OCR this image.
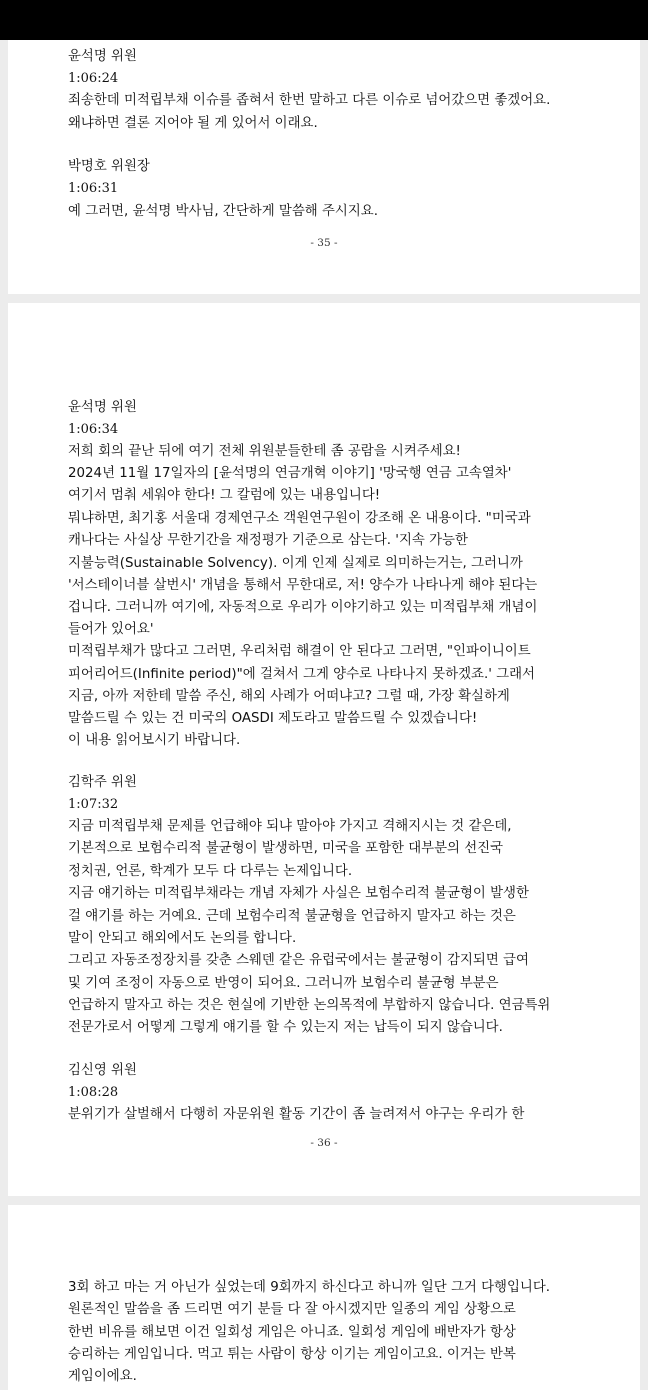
윤석명 위원
1:06:24
죄송한데 미적립부채 이슈를 좁혀서 한번 말하고 다른 이슈로 넘어갔으면 좋겠어요.
왜냐하면 결론 지어야 될 게 있어서 이래요.
박명호 위원장
1:06:31
예 그러면, 윤석명 박사님, 간단하게 말씀해 주시지요.
- 35 -
윤석명 위원
1:06:34
저희 회의 끝난 뒤에 여기 전체 위원분들한테 좀 공람을 시켜주세요!
2024년 11월 17일자의 [윤석명의 연금개혁 이야기] '망국행 연금 고속열차'
여기서 멈춰 세워야 한다! 그 칼럼에 있는 내용입니다!
뭐냐하면, 최기홍 서울대 경제연구소 객원연구원이 강조해 온 내용이다. "미국과
캐나다는 사실상 무한기간을 재정평가 기준으로 삼는다. '지속 가능한
지불능력(Sustainable Solvency). 이게 인제 실제로 의미하는거는, 그러니까
'서스테이너블 살번시' 개념을 통해서 무한대로, 저! 양수가 나타나게 해야 된다는
겁니다. 그러니까 여기에, 자동적으로 우리가 이야기하고 있는 미적립부채 개념이
들어가 있어요'
미적립부채가 많다고 그러면, 우리처럼 해결이 안 된다고 그러면, "인파이니이트
피어리어드(Infinite period)"에 걸쳐서 그게 양수로 나타나지 못하겠죠.' 그래서
지금, 아까 저한테 말씀 주신, 해외 사례가 어떠냐고? 그럴 때, 가장 확실하게
말씀드릴 수 있는 건 미국의 OASDI 제도라고 말씀드릴 수 있겠습니다!
이 내용 읽어보시기 바랍니다.
김학주 위원
1:07:32
지금 미적립부채 문제를 언급해야 되냐 말아야 가지고 격해지시는 것 같은데,
기본적으로 보험수리적 불균형이 발생하면, 미국을 포함한 대부분의 선진국
정치권, 언론, 학계가 모두 다 다루는 논제입니다.
지금 얘기하는 미적립부채라는 개념 자체가 사실은 보험수리적 불균형이 발생한
걸 얘기를 하는 거예요. 근데 보험수리적 불균형을 언급하지 말자고 하는 것은
말이 안되고 해외에서도 논의를 합니다.
그리고 자동조정장치를 갖춘 스웨덴 같은 유럽국에서는 불균형이 감지되면 급여
및 기여 조정이 자동으로 반영이 되어요. 그러니까 보험수리 불균형 부분은
언급하지 말자고 하는 것은 현실에 기반한 논의목적에 부합하지 않습니다. 연금특위
전문가로서 어떻게 그렇게 얘기를 할 수 있는지 저는 납득이 되지 않습니다.
김신영 위원
1:08:28
분위기가 살벌해서 다행히 자문위원 활동 기간이 좀 늘려져서 야구는 우리가 한
- 36 -
3회 하고 마는 거 아닌가 싶었는데 9회까지 하신다고 하니까 일단 그거 다행입니다.
원론적인 말씀을 좀 드리면 여기 분들 다 잘 아시겠지만 일종의 게임 상황으로
한번 비유를 해보면 이건 일회성 게임은 아니죠. 일회성 게임에 배반자가 항상
승리하는 게임입니다. 먹고 튀는 사람이 항상 이기는 게임이고요. 이거는 반복
게임이에요.
